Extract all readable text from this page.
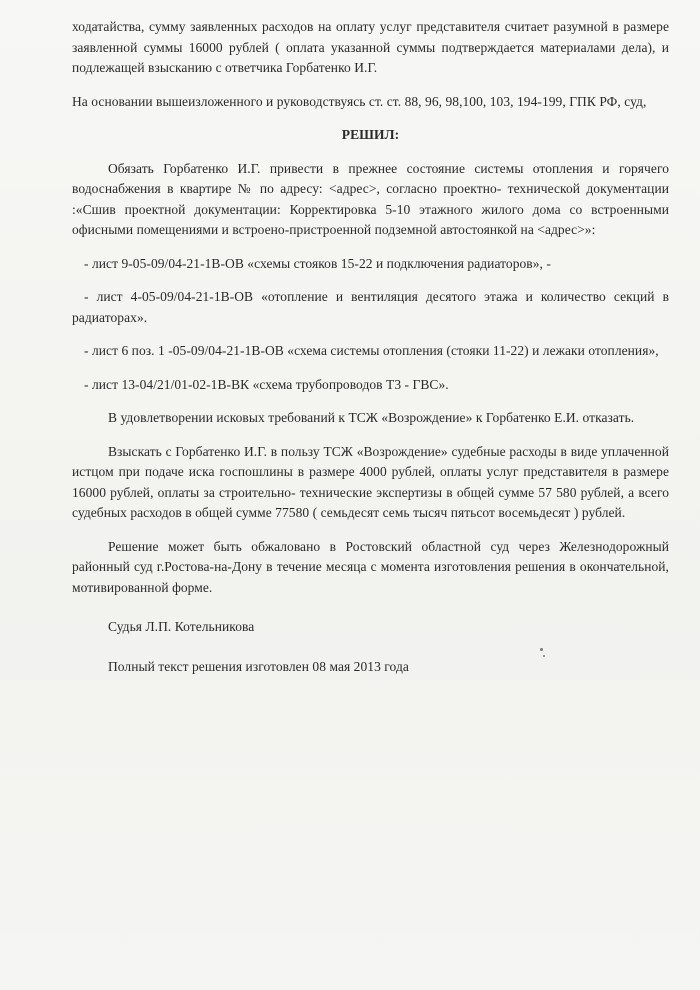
ходатайства, сумму заявленных расходов на оплату услуг представителя считает разумной в размере заявленной суммы 16000 рублей ( оплата указанной суммы подтверждается материалами дела), и подлежащей взысканию с ответчика Горбатенко И.Г.

На основании вышеизложенного и руководствуясь ст. ст. 88, 96, 98,100, 103, 194-199, ГПК РФ, суд,

РЕШИЛ:

Обязать Горбатенко И.Г. привести в прежнее состояние системы отопления и горячего водоснабжения в квартире № по адресу: <адрес>, согласно проектно- технической документации :«Сшив проектной документации: Корректировка 5-10 этажного жилого дома со встроенными офисными помещениями и встроено-пристроенной подземной автостоянкой на <адрес>»:

- лист 9-05-09/04-21-1В-ОВ «схемы стояков 15-22 и подключения радиаторов», -

- лист 4-05-09/04-21-1В-ОВ «отопление и вентиляция десятого этажа и количество секций в радиаторах».

- лист 6 поз. 1 -05-09/04-21-1В-ОВ «схема системы отопления (стояки 11-22) и лежаки отопления»,

- лист 13-04/21/01-02-1В-ВК «схема трубопроводов Т3 - ГВС».

В удовлетворении исковых требований к ТСЖ «Возрождение» к Горбатенко Е.И. отказать.

Взыскать с Горбатенко И.Г. в пользу ТСЖ «Возрождение» судебные расходы в виде уплаченной истцом при подаче иска госпошлины в размере 4000 рублей, оплаты услуг представителя в размере 16000 рублей, оплаты за строительно- технические экспертизы в общей сумме 57 580 рублей, а всего судебных расходов в общей сумме 77580 ( семьдесят семь тысяч пятьсот восемьдесят ) рублей.

Решение может быть обжаловано в Ростовский областной суд через Железнодорожный районный суд г.Ростова-на-Дону в течение месяца с момента изготовления решения в окончательной, мотивированной форме.

Судья Л.П. Котельникова

Полный текст решения изготовлен 08 мая 2013 года
